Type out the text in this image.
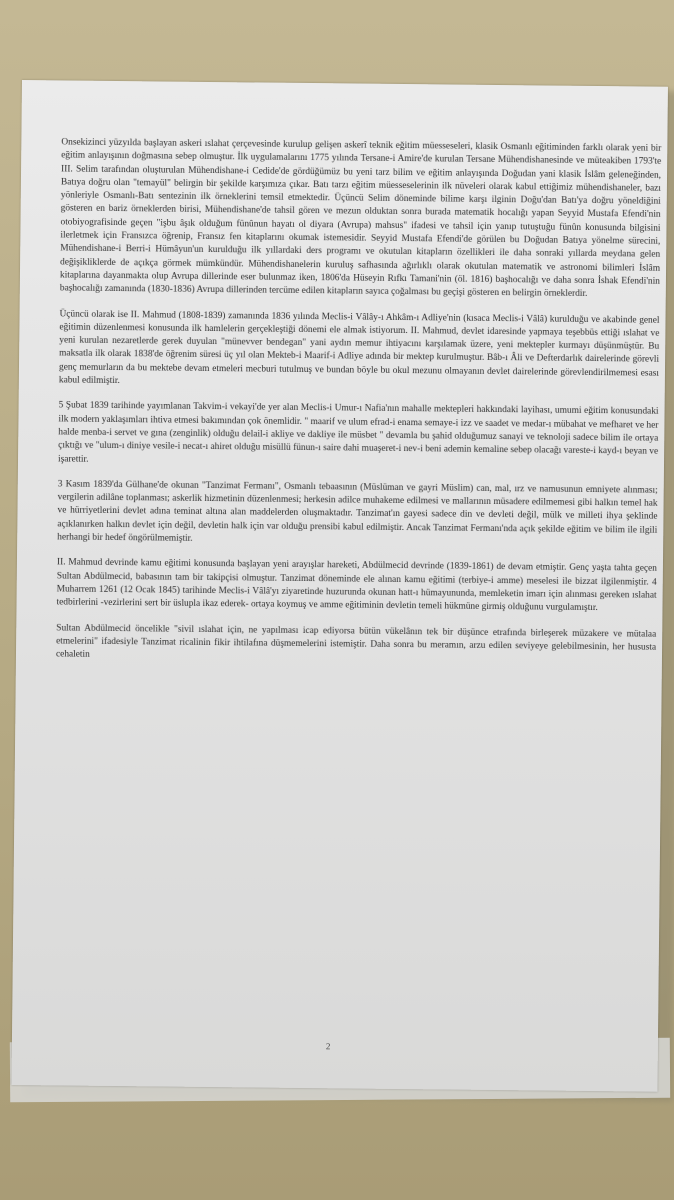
Onsekizinci yüzyılda başlayan askeri ıslahat çerçevesinde kurulup gelişen askerî teknik eğitim müesseseleri, klasik Osmanlı eğitiminden farklı olarak yeni bir eğitim anlayışının doğmasına sebep olmuştur. İlk uygulamalarını 1775 yılında Tersane-i Amire'de kurulan Tersane Mühendishanesinde ve müteakiben 1793'te III. Selim tarafından oluşturulan Mühendishane-i Cedide'de gördüğümüz bu yeni tarz bilim ve eğitim anlayışında Doğudan yani klasik İslâm geleneğinden, Batıya doğru olan "temayül" belirgin bir şekilde karşımıza çıkar. Batı tarzı eğitim müesseselerinin ilk nüveleri olarak kabul ettiğimiz mühendishaneler, bazı yönleriyle Osmanlı-Batı sentezinin ilk örneklerini temsil etmektedir. Üçüncü Selim döneminde bilime karşı ilginin Doğu'dan Batı'ya doğru yöneldiğini gösteren en bariz örneklerden birisi, Mühendishane'de tahsil gören ve mezun olduktan sonra burada matematik hocalığı yapan Seyyid Mustafa Efendi'nin otobiyografisinde geçen "işbu âşık olduğum fünûnun hayatı ol diyara (Avrupa) mahsus" ifadesi ve tahsil için yanıp tutuştuğu fünûn konusunda bilgisini ilerletmek için Fransızca öğrenip, Fransız fen kitaplarını okumak istemesidir. Seyyid Mustafa Efendi'de görülen bu Doğudan Batıya yönelme sürecini, Mühendishane-i Berri-i Hümâyun'un kurulduğu ilk yıllardaki ders programı ve okutulan kitapların özellikleri ile daha sonraki yıllarda meydana gelen değişikliklerde de açıkça görmek mümkündür. Mühendishanelerin kuruluş safhasında ağırlıklı olarak okutulan matematik ve astronomi bilimleri İslâm kitaplarına dayanmakta olup Avrupa dillerinde eser bulunmaz iken, 1806'da Hüseyin Rıfkı Tamani'nin (öl. 1816) başhocalığı ve daha sonra İshak Efendi'nin başhocalığı zamanında (1830-1836) Avrupa dillerinden tercüme edilen kitapların sayıca çoğalması bu geçişi gösteren en belirgin örneklerdir.

Üçüncü olarak ise II. Mahmud (1808-1839) zamanında 1836 yılında Meclis-i Vâlây-ı Ahkâm-ı Adliye'nin (kısaca Meclis-i Vâlâ) kurulduğu ve akabinde genel eğitimin düzenlenmesi konusunda ilk hamlelerin gerçekleştiği dönemi ele almak istiyorum. II. Mahmud, devlet idaresinde yapmaya teşebbüs ettiği ıslahat ve yeni kurulan nezaretlerde gerek duyulan "münevver bendegan" yani aydın memur ihtiyacını karşılamak üzere, yeni mektepler kurmayı düşünmüştür. Bu maksatla ilk olarak 1838'de öğrenim süresi üç yıl olan Mekteb-i Maarif-i Adliye adında bir mektep kurulmuştur. Bâb-ı Âli ve Defterdarlık dairelerinde görevli genç memurların da bu mektebe devam etmeleri mecburi tutulmuş ve bundan böyle bu okul mezunu olmayanın devlet dairelerinde görevlendirilmemesi esası kabul edilmiştir.

5 Şubat 1839 tarihinde yayımlanan Takvim-i vekayi'de yer alan Meclis-i Umur-ı Nafia'nın mahalle mektepleri hakkındaki layihası, umumi eğitim konusundaki ilk modern yaklaşımları ihtiva etmesi bakımından çok önemlidir. " maarif ve ulum efrad-i enama semaye-i izz ve saadet ve medar-ı mübahat ve mefharet ve her halde menba-i servet ve gına (zenginlik) olduğu delail-i akliye ve dakliye ile müsbet " devamla bu şahid olduğumuz sanayi ve teknoloji sadece bilim ile ortaya çıktığı ve "ulum-ı diniye vesile-i necat-ı ahiret olduğu misüllü fünun-ı saire dahi muaşeret-i nev-i beni ademin kemaline sebep olacağı vareste-i kayd-ı beyan ve işarettir.

3 Kasım 1839'da Gülhane'de okunan "Tanzimat Fermanı", Osmanlı tebaasının (Müslüman ve gayri Müslim) can, mal, ırz ve namusunun emniyete alınması; vergilerin adilâne toplanması; askerlik hizmetinin düzenlenmesi; herkesin adilce muhakeme edilmesi ve mallarının müsadere edilmemesi gibi halkın temel hak ve hürriyetlerini devlet adına teminat altına alan maddelerden oluşmaktadır. Tanzimat'ın gayesi sadece din ve devleti değil, mülk ve milleti ihya şeklinde açıklanırken halkın devlet için değil, devletin halk için var olduğu prensibi kabul edilmiştir. Ancak Tanzimat Fermanı'nda açık şekilde eğitim ve bilim ile ilgili herhangi bir hedef öngörülmemiştir.

II. Mahmud devrinde kamu eğitimi konusunda başlayan yeni arayışlar hareketi, Abdülmecid devrinde (1839-1861) de devam etmiştir. Genç yaşta tahta geçen Sultan Abdülmecid, babasının tam bir takipçisi olmuştur. Tanzimat döneminde ele alınan kamu eğitimi (terbiye-i amme) meselesi ile bizzat ilgilenmiştir. 4 Muharrem 1261 (12 Ocak 1845) tarihinde Meclis-i Vâlâ'yı ziyaretinde huzurunda okunan hatt-ı hümayununda, memleketin imarı için alınması gereken ıslahat tedbirlerini -vezirlerini sert bir üslupla ikaz ederek- ortaya koymuş ve amme eğitiminin devletin temeli hükmüne girmiş olduğunu vurgulamıştır.

Sultan Abdülmecid öncelikle "sivil ıslahat için, ne yapılması icap ediyorsa bütün vükelânın tek bir düşünce etrafında birleşerek müzakere ve mütalaa etmelerini" ifadesiyle Tanzimat ricalinin fikir ihtilafına düşmemelerini istemiştir. Daha sonra bu meramın, arzu edilen seviyeye gelebilmesinin, her hususta cehaletin

2
